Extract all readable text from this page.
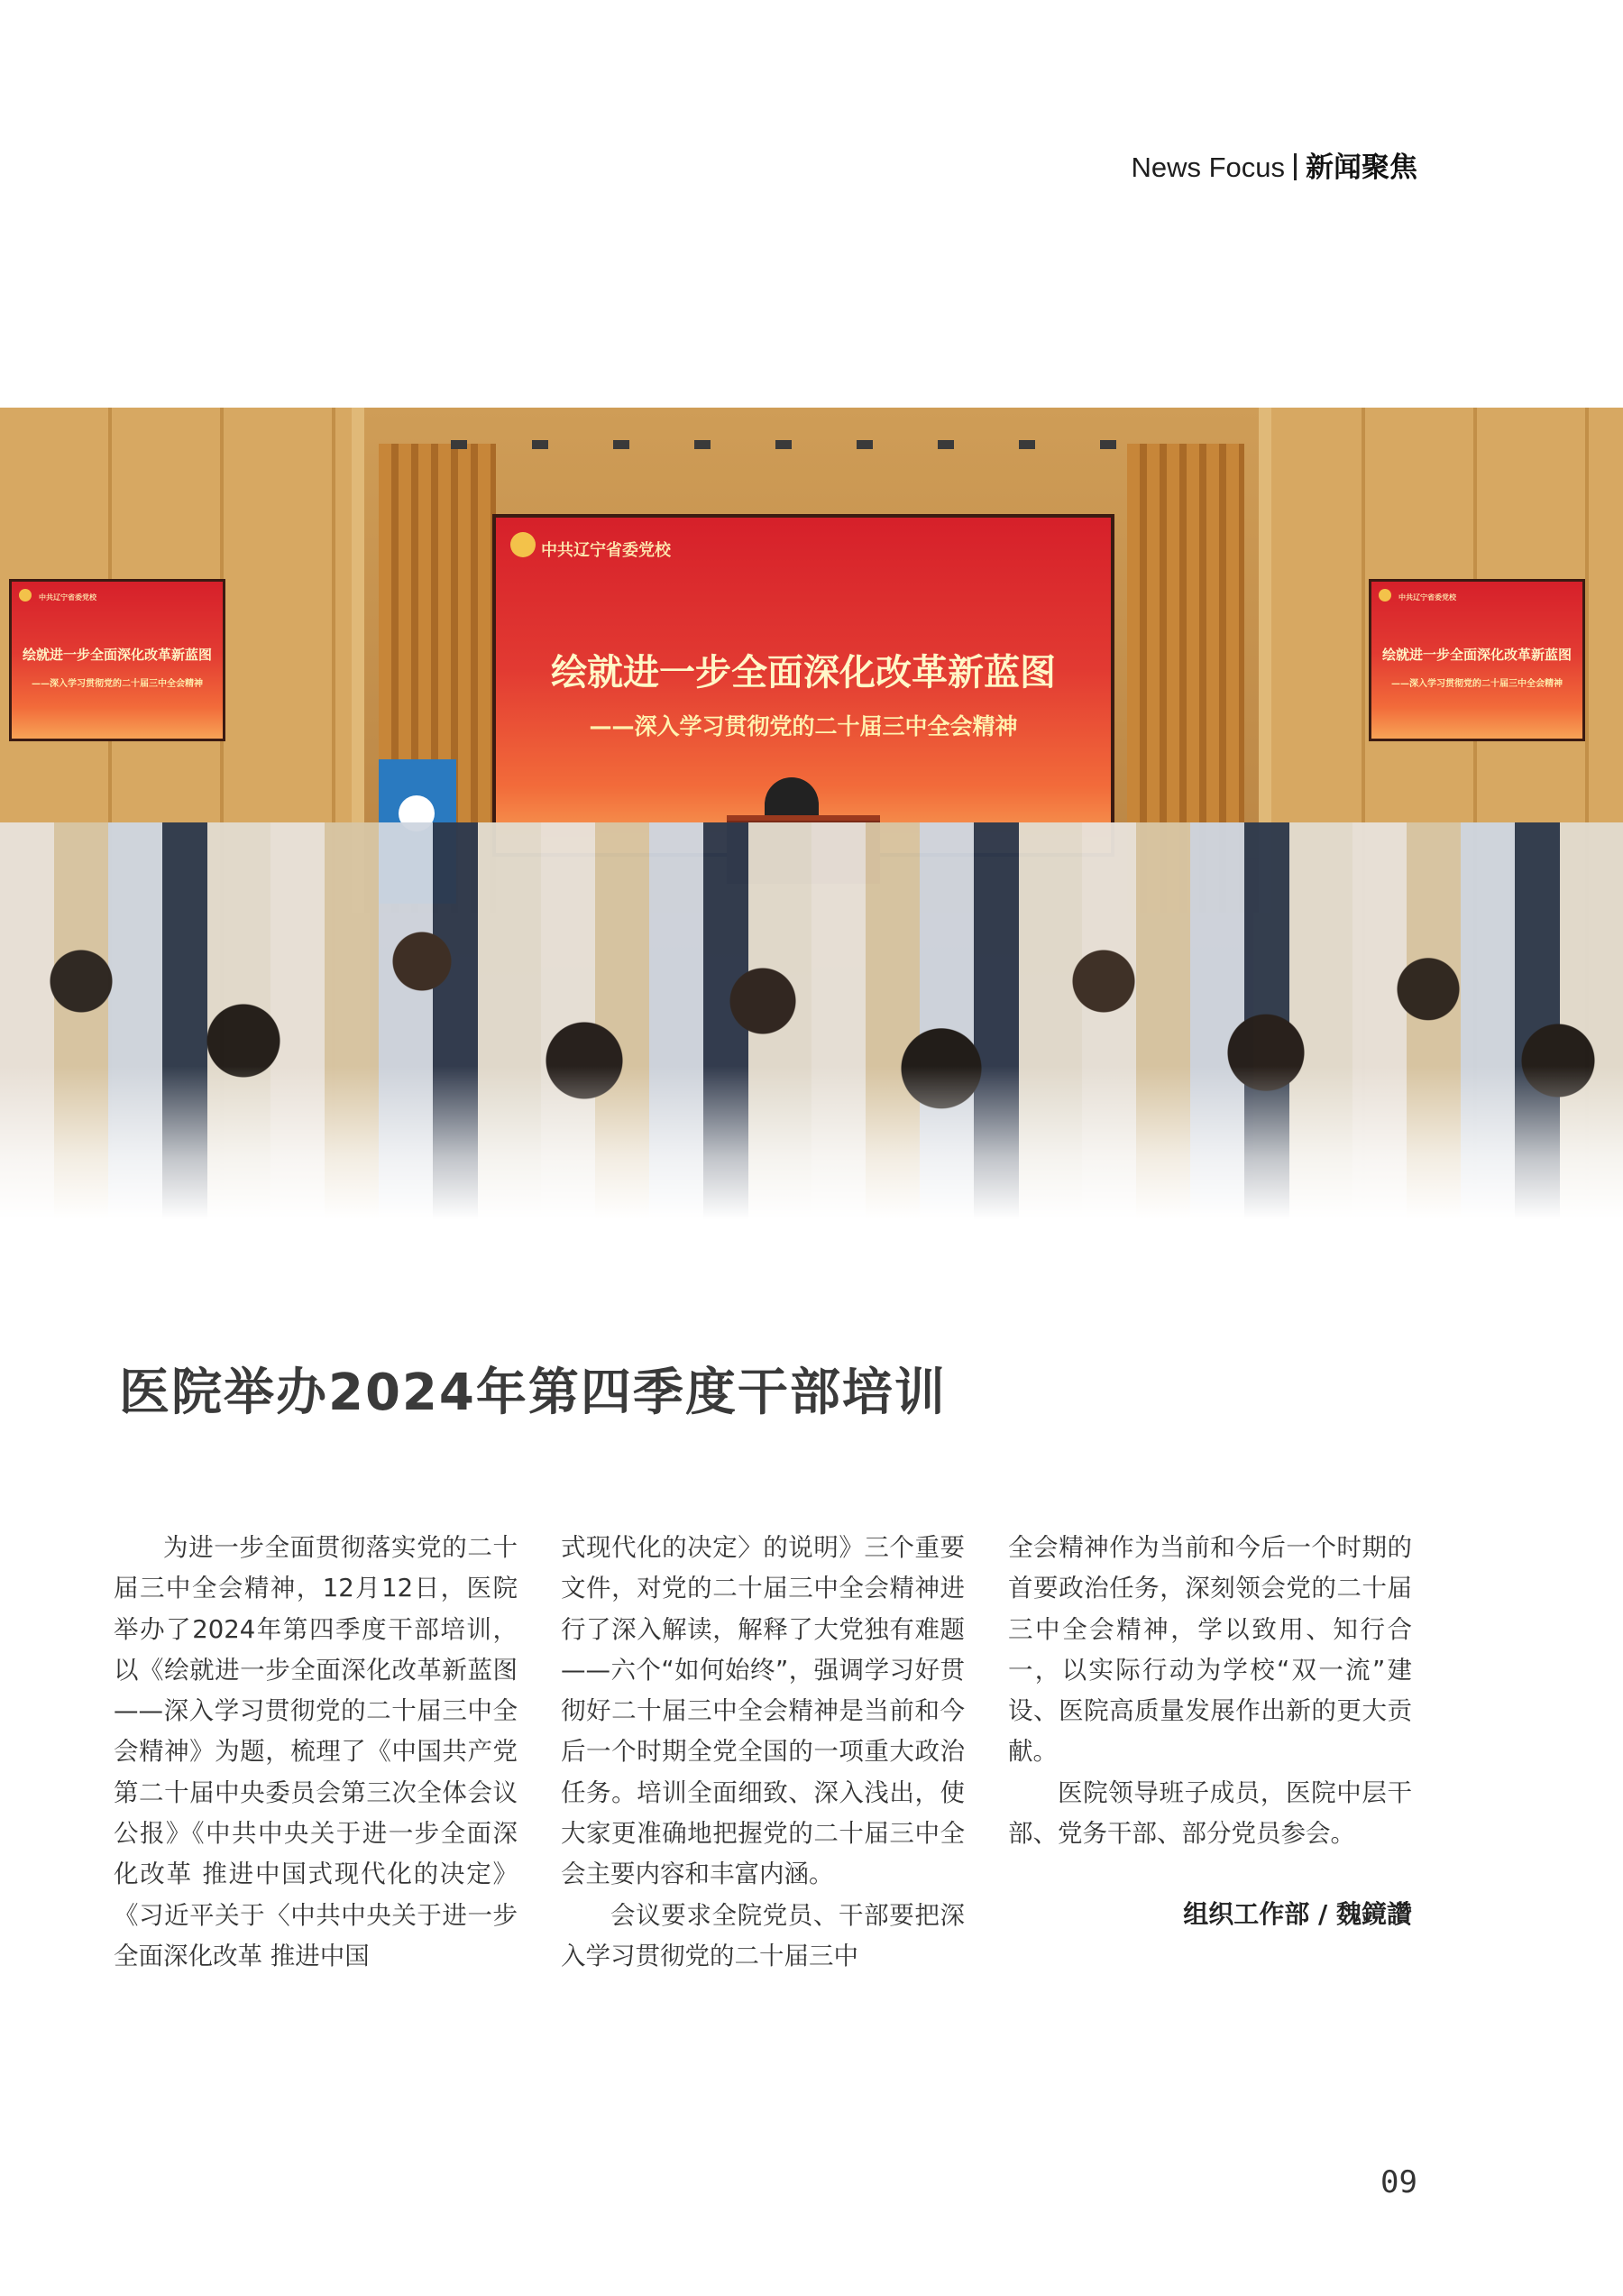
News Focus 新闻聚焦
中共辽宁省委党校
绘就进一步全面深化改革新蓝图
——深入学习贯彻党的二十届三中全会精神
中共辽宁省委党校
绘就进一步全面深化改革新蓝图
——深入学习贯彻党的二十届三中全会精神
中共辽宁省委党校
绘就进一步全面深化改革新蓝图
——深入学习贯彻党的二十届三中全会精神
医院举办2024年第四季度干部培训

为进一步全面贯彻落实党的二十届三中全会精神，12月12日，医院举办了2024年第四季度干部培训，以《绘就进一步全面深化改革新蓝图——深入学习贯彻党的二十届三中全会精神》为题，梳理了《中国共产党第二十届中央委员会第三次全体会议公报》《中共中央关于进一步全面深化改革 推进中国式现代化的决定》《习近平关于〈中共中央关于进一步全面深化改革 推进中国

式现代化的决定〉的说明》三个重要文件，对党的二十届三中全会精神进行了深入解读，解释了大党独有难题——六个“如何始终”，强调学习好贯彻好二十届三中全会精神是当前和今后一个时期全党全国的一项重大政治任务。培训全面细致、深入浅出，使大家更准确地把握党的二十届三中全会主要内容和丰富内涵。

会议要求全院党员、干部要把深入学习贯彻党的二十届三中

全会精神作为当前和今后一个时期的首要政治任务，深刻领会党的二十届三中全会精神，学以致用、知行合一，以实际行动为学校“双一流”建设、医院高质量发展作出新的更大贡献。

医院领导班子成员，医院中层干部、党务干部、部分党员参会。

组织工作部 / 魏鏡讚
09
